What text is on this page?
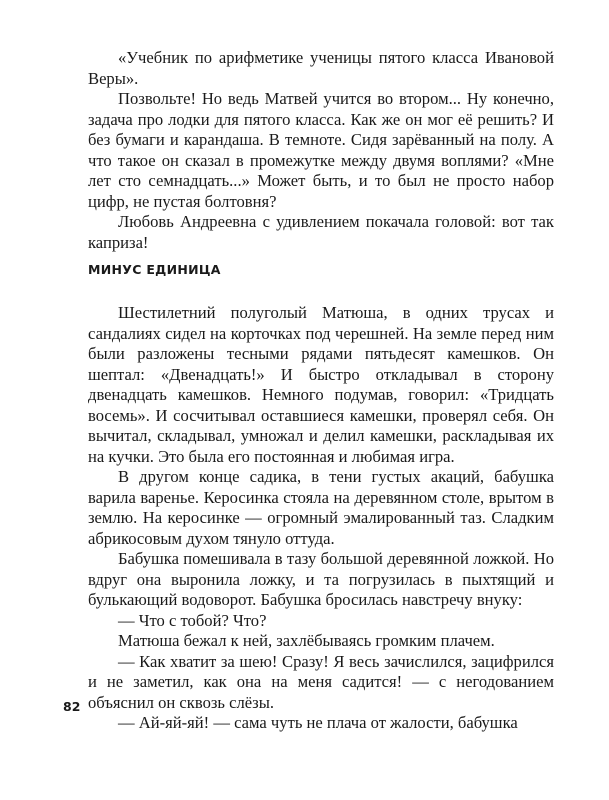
«Учебник по арифметике ученицы пятого класса Ивановой Веры».

Позвольте! Но ведь Матвей учится во втором... Ну конечно, задача про лодки для пятого класса. Как же он мог её решить? И без бумаги и карандаша. В темноте. Сидя зарёванный на полу. А что такое он сказал в промежутке между двумя воплями? «Мне лет сто семнадцать...» Может быть, и то был не просто набор цифр, не пустая болтовня?

Любовь Андреевна с удивлением покачала головой: вот так каприза!

МИНУС ЕДИНИЦА

Шестилетний полуголый Матюша, в одних трусах и сандалиях сидел на корточках под черешней. На земле перед ним были разложены тесными рядами пятьдесят камешков. Он шептал: «Двенадцать!» И быстро откладывал в сторону двенадцать камешков. Немного подумав, говорил: «Тридцать восемь». И сосчитывал оставшиеся камешки, проверял себя. Он вычитал, складывал, умножал и делил камешки, раскладывая их на кучки. Это была его постоянная и любимая игра.

В другом конце садика, в тени густых акаций, бабушка варила варенье. Керосинка стояла на деревянном столе, врытом в землю. На керосинке — огромный эмалированный таз. Сладким абрикосовым духом тянуло оттуда.

Бабушка помешивала в тазу большой деревянной ложкой. Но вдруг она выронила ложку, и та погрузилась в пыхтящий и булькающий водоворот. Бабушка бросилась навстречу внуку:

— Что с тобой? Что?

Матюша бежал к ней, захлёбываясь громким плачем.

— Как хватит за шею! Сразу! Я весь зачислился, зацифрился и не заметил, как она на меня садится! — с негодованием объяснил он сквозь слёзы.

— Ай-яй-яй! — сама чуть не плача от жалости, бабушка

82
